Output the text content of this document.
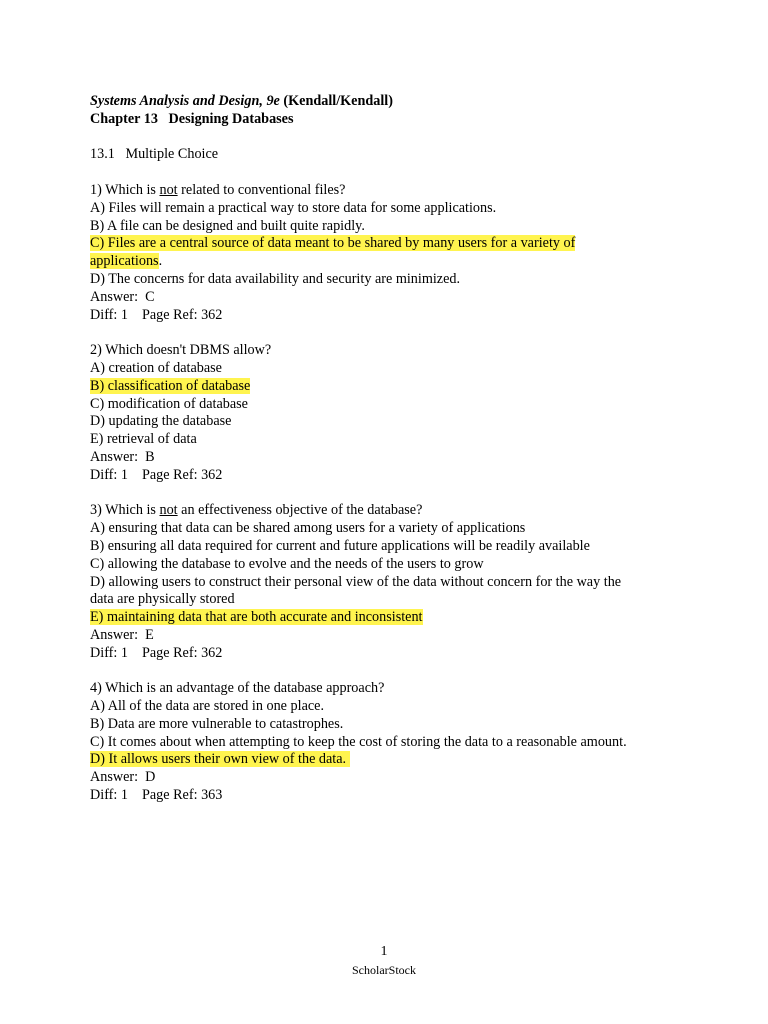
Systems Analysis and Design, 9e (Kendall/Kendall)
Chapter 13   Designing Databases
13.1   Multiple Choice
1) Which is not related to conventional files?
A) Files will remain a practical way to store data for some applications.
B) A file can be designed and built quite rapidly.
C) Files are a central source of data meant to be shared by many users for a variety of
applications.
D) The concerns for data availability and security are minimized.
Answer:  C
Diff: 1 Page Ref: 362
2) Which doesn't DBMS allow?
A) creation of database
B) classification of database
C) modification of database
D) updating the database
E) retrieval of data
Answer:  B
Diff: 1 Page Ref: 362
3) Which is not an effectiveness objective of the database?
A) ensuring that data can be shared among users for a variety of applications
B) ensuring all data required for current and future applications will be readily available
C) allowing the database to evolve and the needs of the users to grow
D) allowing users to construct their personal view of the data without concern for the way the
data are physically stored
E) maintaining data that are both accurate and inconsistent
Answer:  E
Diff: 1 Page Ref: 362
4) Which is an advantage of the database approach?
A) All of the data are stored in one place.
B) Data are more vulnerable to catastrophes.
C) It comes about when attempting to keep the cost of storing the data to a reasonable amount.
D) It allows users their own view of the data.
Answer:  D
Diff: 1 Page Ref: 363
1
ScholarStock
